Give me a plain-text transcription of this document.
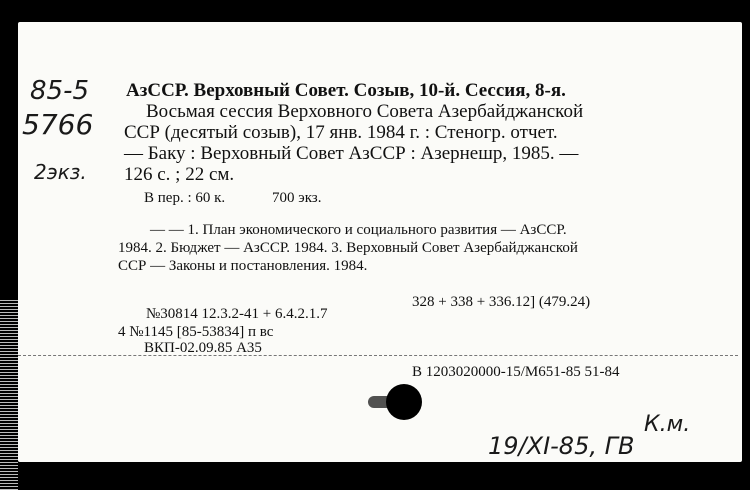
85-5
5766
2экз.
К.м.
19/XI-85, ГВ
АзССР. Верховный Совет. Созыв, 10-й. Сессия, 8-я.
Восьмая сессия Верховного Совета Азербайджанской
ССР (десятый созыв), 17 янв. 1984 г. : Стеногр. отчет.
— Баку : Верховный Совет АзССР : Азернешр, 1985. —
126 с. ; 22 см.
В пер. : 60 к.	700 экз.
— — 1. План экономического и социального развития — АзССР.
1984. 2. Бюджет — АзССР. 1984. 3. Верховный Совет Азербайджанской
ССР — Законы и постановления. 1984.
328 + 338 + 336.12] (479.24)
№30814 12.3.2-41 + 6.4.2.1.7
4 №1145 [85-53834] п вс
ВКП-02.09.85 А35
В 1203020000-15/М651-85 51-84
